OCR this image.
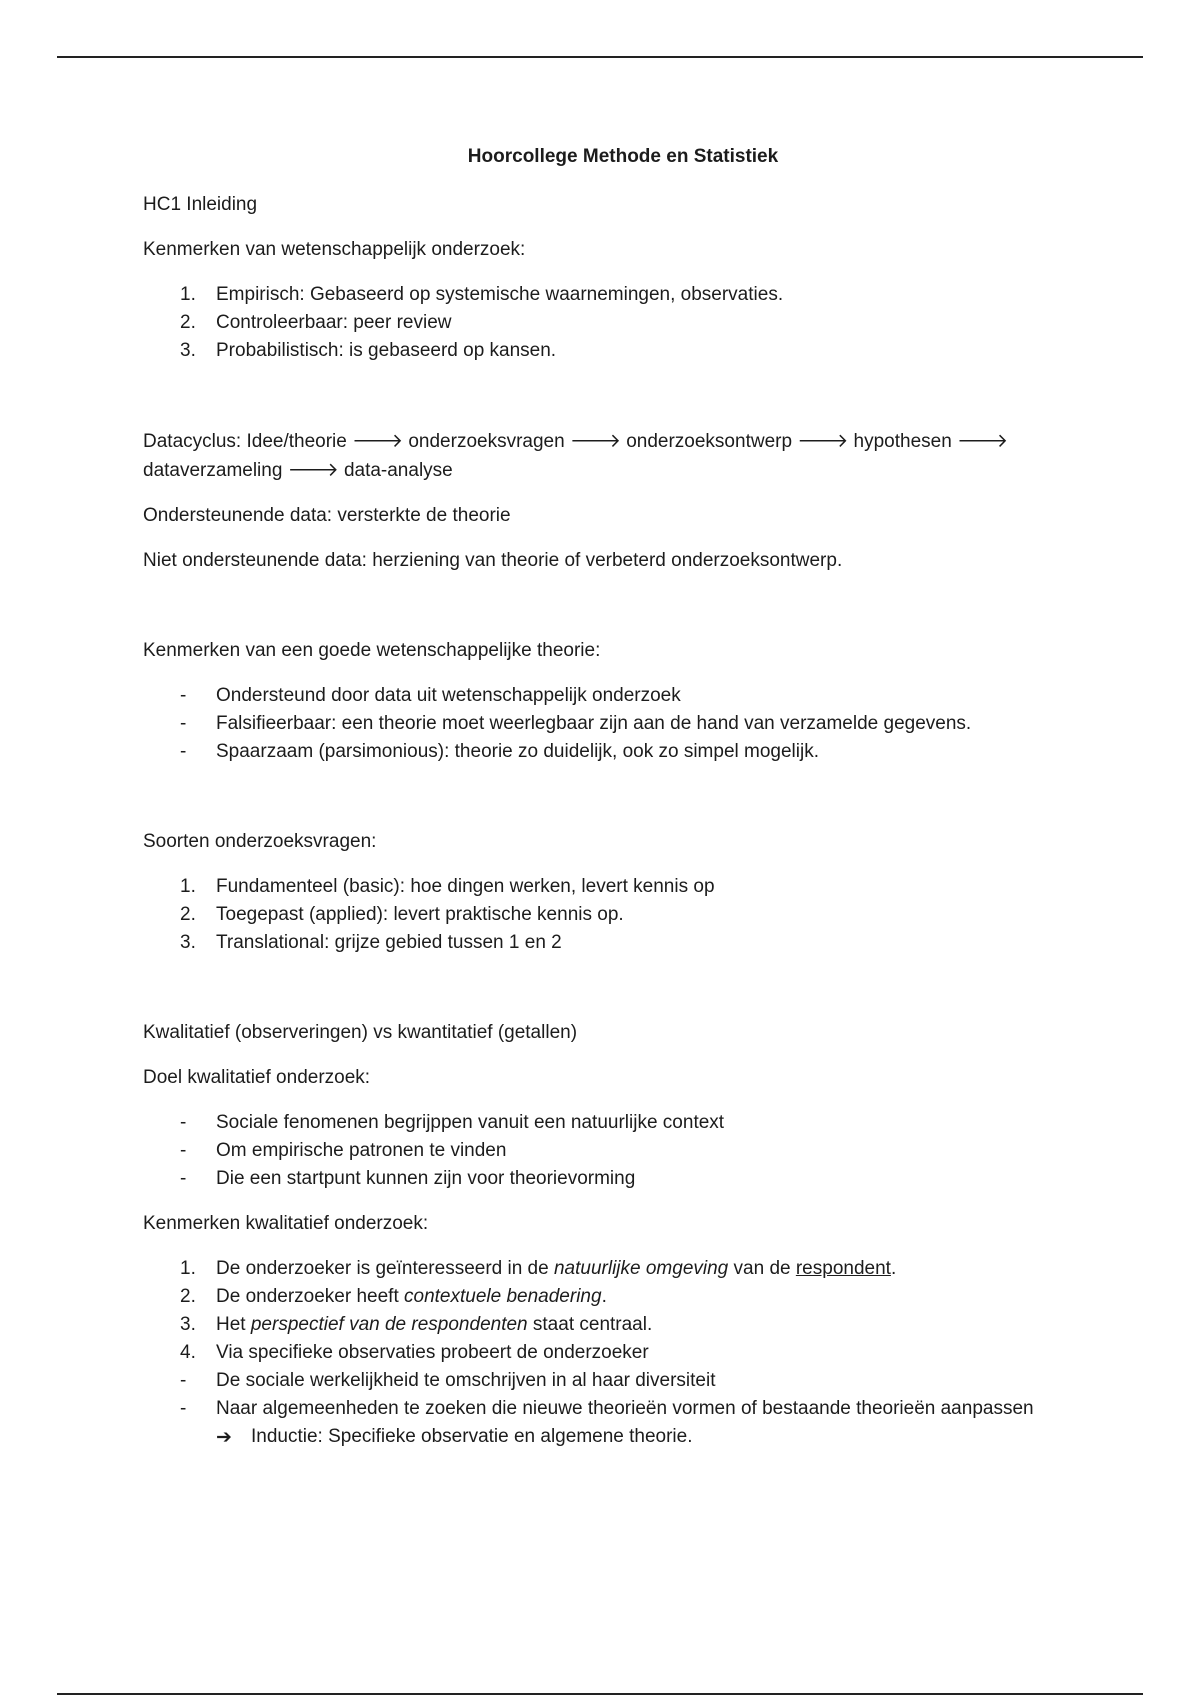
Hoorcollege Methode en Statistiek

HC1 Inleiding

Kenmerken van wetenschappelijk onderzoek:

1. Empirisch: Gebaseerd op systemische waarnemingen, observaties.
2. Controleerbaar: peer review
3. Probabilistisch: is gebaseerd op kansen.

Datacyclus: Idee/theorie 🡒 onderzoeksvragen 🡒 onderzoeksontwerp 🡒 hypothesen 🡒 dataverzameling 🡒 data-analyse

Ondersteunende data: versterkte de theorie

Niet ondersteunende data: herziening van theorie of verbeterd onderzoeksontwerp.

Kenmerken van een goede wetenschappelijke theorie:

- Ondersteund door data uit wetenschappelijk onderzoek
- Falsifieerbaar: een theorie moet weerlegbaar zijn aan de hand van verzamelde gegevens.
- Spaarzaam (parsimonious): theorie zo duidelijk, ook zo simpel mogelijk.

Soorten onderzoeksvragen:

1. Fundamenteel (basic): hoe dingen werken, levert kennis op
2. Toegepast (applied): levert praktische kennis op.
3. Translational: grijze gebied tussen 1 en 2

Kwalitatief (observeringen) vs kwantitatief (getallen)

Doel kwalitatief onderzoek:

- Sociale fenomenen begrijppen vanuit een natuurlijke context
- Om empirische patronen te vinden
- Die een startpunt kunnen zijn voor theorievorming

Kenmerken kwalitatief onderzoek:

1. De onderzoeker is geïnteresseerd in de natuurlijke omgeving van de respondent.
2. De onderzoeker heeft contextuele benadering.
3. Het perspectief van de respondenten staat centraal.
4. Via specifieke observaties probeert de onderzoeker
- De sociale werkelijkheid te omschrijven in al haar diversiteit
- Naar algemeenheden te zoeken die nieuwe theorieën vormen of bestaande theorieën aanpassen
➔ Inductie: Specifieke observatie en algemene theorie.
